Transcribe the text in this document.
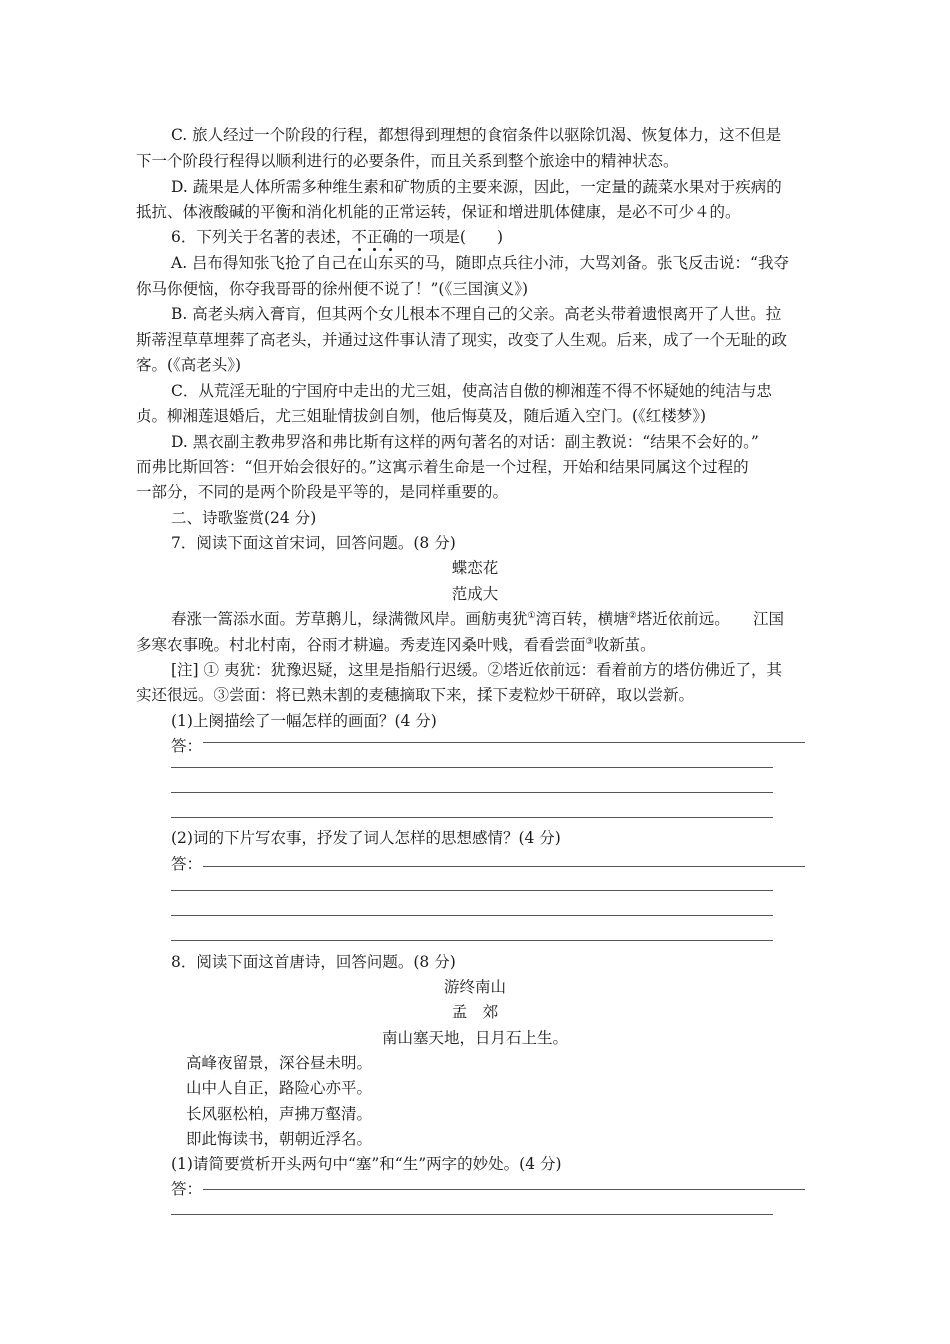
C. 旅人经过一个阶段的行程，都想得到理想的食宿条件以驱除饥渴、恢复体力，这不但是
下一个阶段行程得以顺利进行的必要条件，而且关系到整个旅途中的精神状态。
D. 蔬果是人体所需多种维生素和矿物质的主要来源，因此，一定量的蔬菜水果对于疾病的
抵抗、体液酸碱的平衡和消化机能的正常运转，保证和增进肌体健康，是必不可少４的。
6．下列关于名著的表述，不正确的一项是(　　)
A. 吕布得知张飞抢了自己在山东买的马，随即点兵往小沛，大骂刘备。张飞反击说：“我夺
你马你便恼，你夺我哥哥的徐州便不说了！”(《三国演义》)
B. 高老头病入膏肓，但其两个女儿根本不理自己的父亲。高老头带着遗恨离开了人世。拉
斯蒂涅草草埋葬了高老头，并通过这件事认清了现实，改变了人生观。后来，成了一个无耻的政
客。(《高老头》)
C．从荒淫无耻的宁国府中走出的尤三姐，使高洁自傲的柳湘莲不得不怀疑她的纯洁与忠
贞。柳湘莲退婚后，尤三姐耻情拔剑自刎，他后悔莫及，随后遁入空门。(《红楼梦》)
D. 黑衣副主教弗罗洛和弗比斯有这样的两句著名的对话：副主教说：“结果不会好的。”
而弗比斯回答：“但开始会很好的。”这寓示着生命是一个过程，开始和结果同属这个过程的
一部分，不同的是两个阶段是平等的，是同样重要的。
二、诗歌鉴赏(24 分)
7．阅读下面这首宋词，回答问题。(8 分)
蝶恋花
范成大
春涨一篙添水面。芳草鹅儿，绿满微风岸。画舫夷犹①湾百转，横塘②塔近依前远。　　江国
多寒农事晚。村北村南，谷雨才耕遍。秀麦连冈桑叶贱，看看尝面③收新茧。
[注] ① 夷犹：犹豫迟疑，这里是指船行迟缓。②塔近依前远：看着前方的塔仿佛近了，其
实还很远。③尝面：将已熟未割的麦穗摘取下来，揉下麦粒炒干研碎，取以尝新。
(1)上阕描绘了一幅怎样的画面？(4 分)
答：
(2)词的下片写农事，抒发了词人怎样的思想感情？(4 分)
答：
8．阅读下面这首唐诗，回答问题。(8 分)
游终南山
孟　郊
南山塞天地，日月石上生。
高峰夜留景，深谷昼未明。
山中人自正，路险心亦平。
长风驱松柏，声拂万壑清。
即此悔读书，朝朝近浮名。
(1)请简要赏析开头两句中“塞”和“生”两字的妙处。(4 分)
答：
